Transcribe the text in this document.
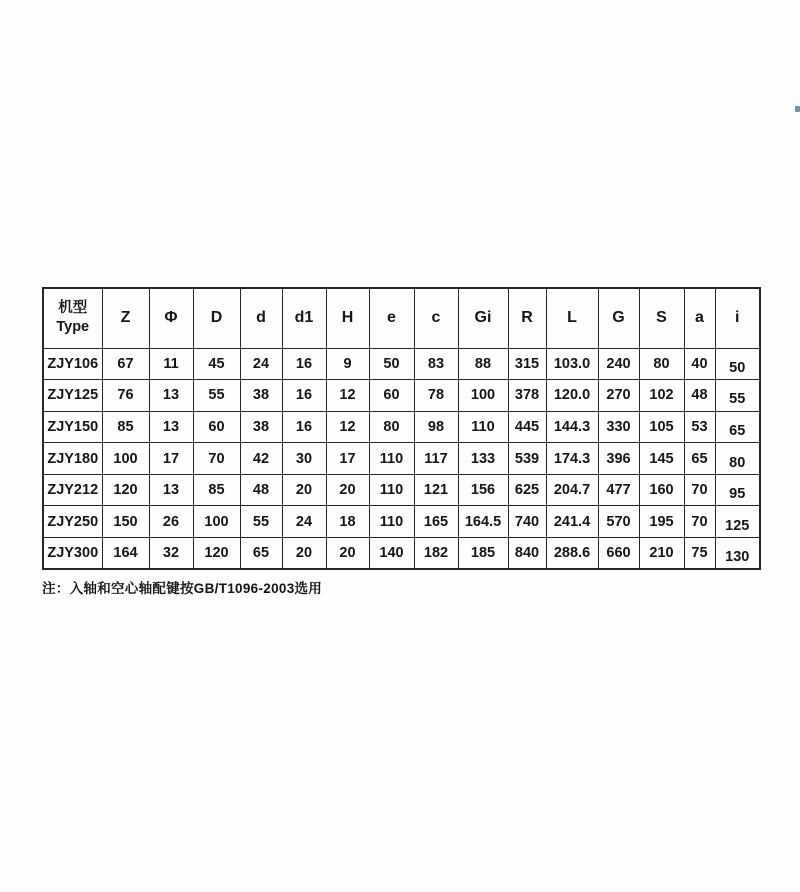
机型
Type	Z	Φ	D	d	d1	H	e	c	Gi	R	L	G	S	a	i
ZJY106	67	11	45	24	16	9	50	83	88	315	103.0	240	80	40	50
ZJY125	76	13	55	38	16	12	60	78	100	378	120.0	270	102	48	55
ZJY150	85	13	60	38	16	12	80	98	110	445	144.3	330	105	53	65
ZJY180	100	17	70	42	30	17	110	117	133	539	174.3	396	145	65	80
ZJY212	120	13	85	48	20	20	110	121	156	625	204.7	477	160	70	95
ZJY250	150	26	100	55	24	18	110	165	164.5	740	241.4	570	195	70	125
ZJY300	164	32	120	65	20	20	140	182	185	840	288.6	660	210	75	130
注：入轴和空心轴配键按GB/T1096-2003选用
